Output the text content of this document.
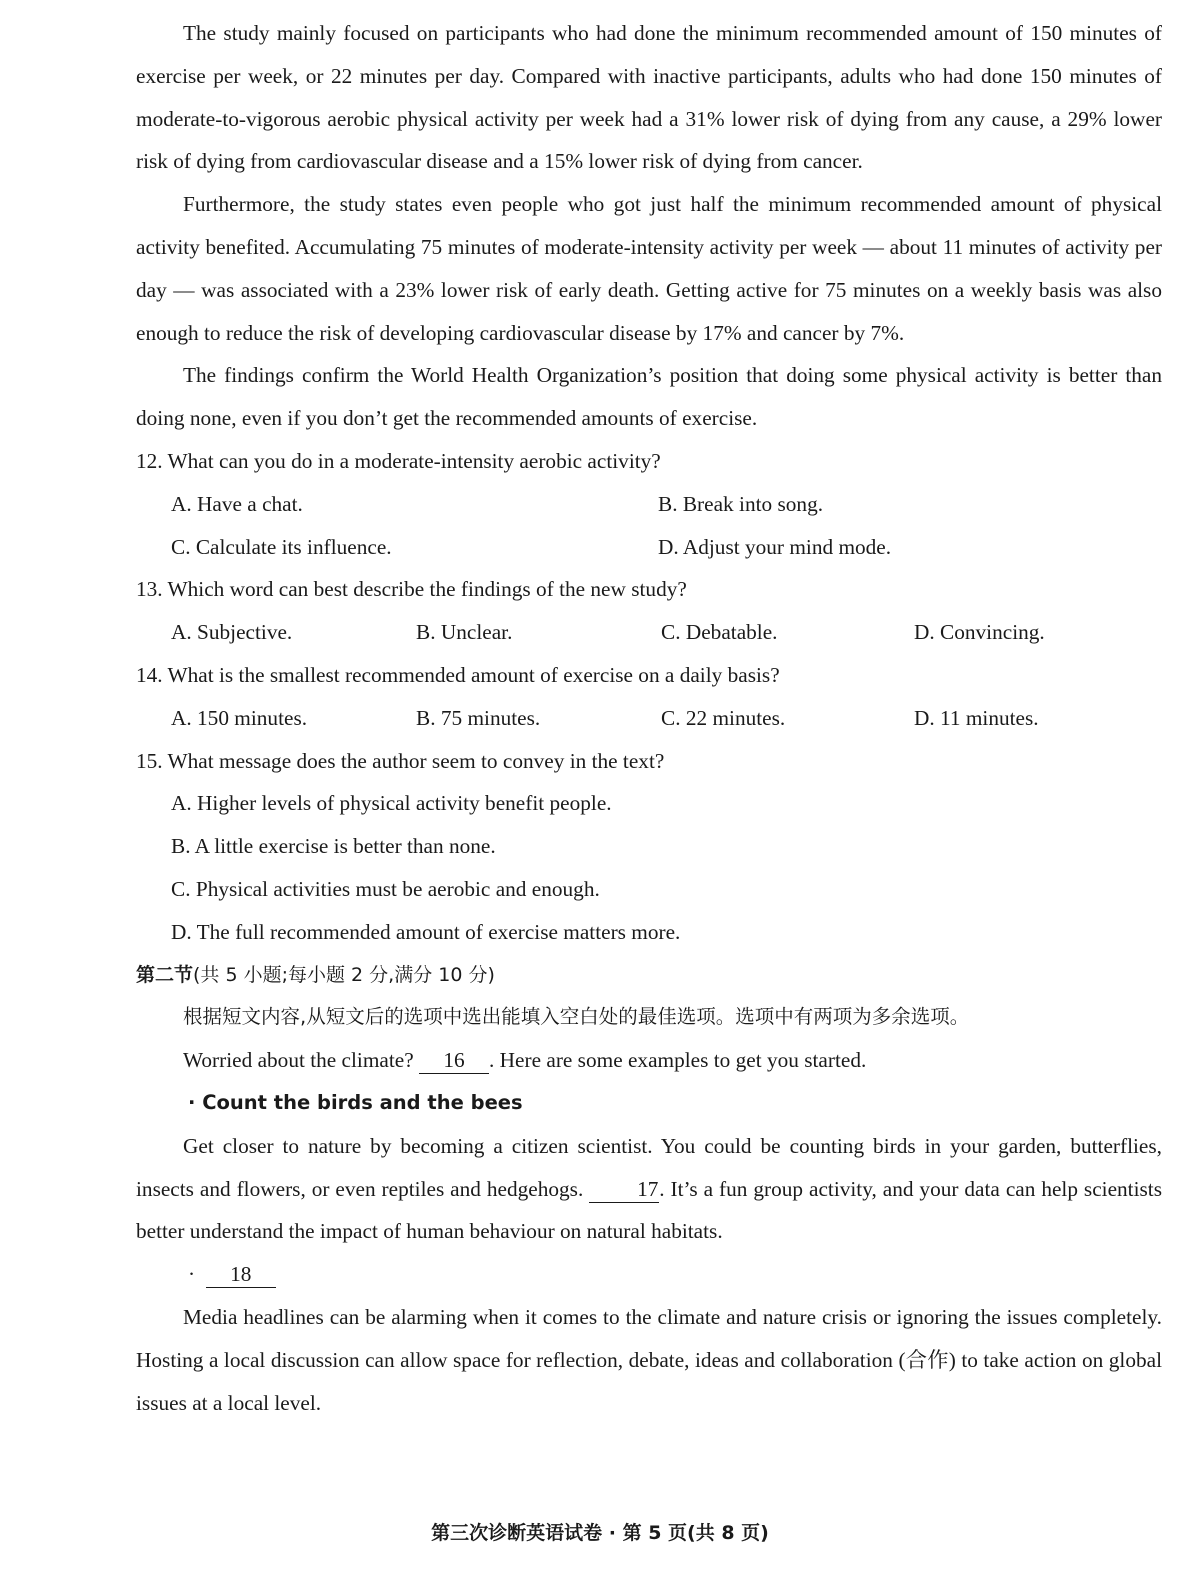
The study mainly focused on participants who had done the minimum recommended amount of 150 minutes of exercise per week, or 22 minutes per day. Compared with inactive participants, adults who had done 150 minutes of moderate-to-vigorous aerobic physical activity per week had a 31% lower risk of dying from any cause, a 29% lower risk of dying from cardiovascular disease and a 15% lower risk of dying from cancer.

Furthermore, the study states even people who got just half the minimum recommended amount of physical activity benefited. Accumulating 75 minutes of moderate-intensity activity per week — about 11 minutes of activity per day — was associated with a 23% lower risk of early death. Getting active for 75 minutes on a weekly basis was also enough to reduce the risk of developing cardiovascular disease by 17% and cancer by 7%.

The findings confirm the World Health Organization’s position that doing some physical activity is better than doing none, even if you don’t get the recommended amounts of exercise.

12. What can you do in a moderate-intensity aerobic activity?

A. Have a chat.	B. Break into song.
C. Calculate its influence.	D. Adjust your mind mode.

13. Which word can best describe the findings of the new study?

A. Subjective.	B. Unclear.	C. Debatable.	D. Convincing.

14. What is the smallest recommended amount of exercise on a daily basis?

A. 150 minutes.	B. 75 minutes.	C. 22 minutes.	D. 11 minutes.

15. What message does the author seem to convey in the text?

A. Higher levels of physical activity benefit people.

B. A little exercise is better than none.

C. Physical activities must be aerobic and enough.

D. The full recommended amount of exercise matters more.

第二节(共 5 小题;每小题 2 分,满分 10 分)

根据短文内容,从短文后的选项中选出能填入空白处的最佳选项。选项中有两项为多余选项。

Worried about the climate? 16 . Here are some examples to get you started.

· Count the birds and the bees

Get closer to nature by becoming a citizen scientist. You could be counting birds in your garden, butterflies, insects and flowers, or even reptiles and hedgehogs.	17. It’s a fun group activity, and your data can help scientists better understand the impact of human behaviour on natural habitats.

· 18

Media headlines can be alarming when it comes to the climate and nature crisis or ignoring the issues completely. Hosting a local discussion can allow space for reflection, debate, ideas and collaboration (合作) to take action on global issues at a local level.

第三次诊断英语试卷 · 第 5 页(共 8 页)
